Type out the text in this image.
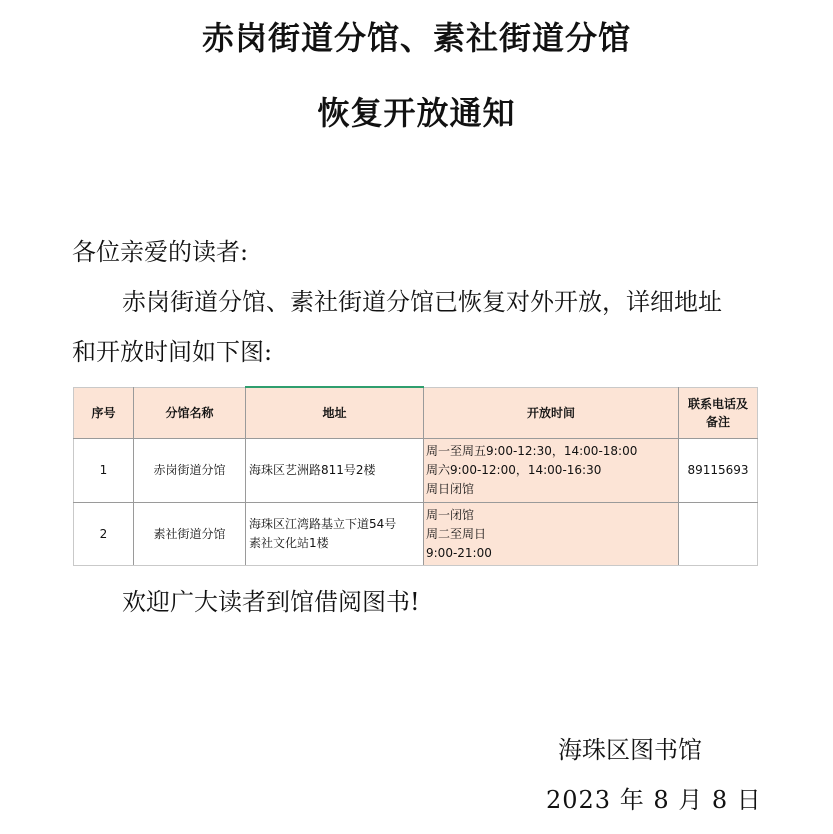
赤岗街道分馆、素社街道分馆
恢复开放通知
各位亲爱的读者:
赤岗街道分馆、素社街道分馆已恢复对外开放，详细地址
和开放时间如下图:
序号	分馆名称	地址	开放时间	联系电话及
备注

1	赤岗街道分馆	海珠区艺洲路811号2楼	周一至周五9:00-12:30，14:00-18:00
周六9:00-12:00，14:00-16:30
周日闭馆	89115693
2	素社街道分馆	海珠区江湾路基立下道54号
素社文化站1楼	周一闭馆
周二至周日
9:00-21:00	

欢迎广大读者到馆借阅图书!
海珠区图书馆
2023 年 8 月 8 日
